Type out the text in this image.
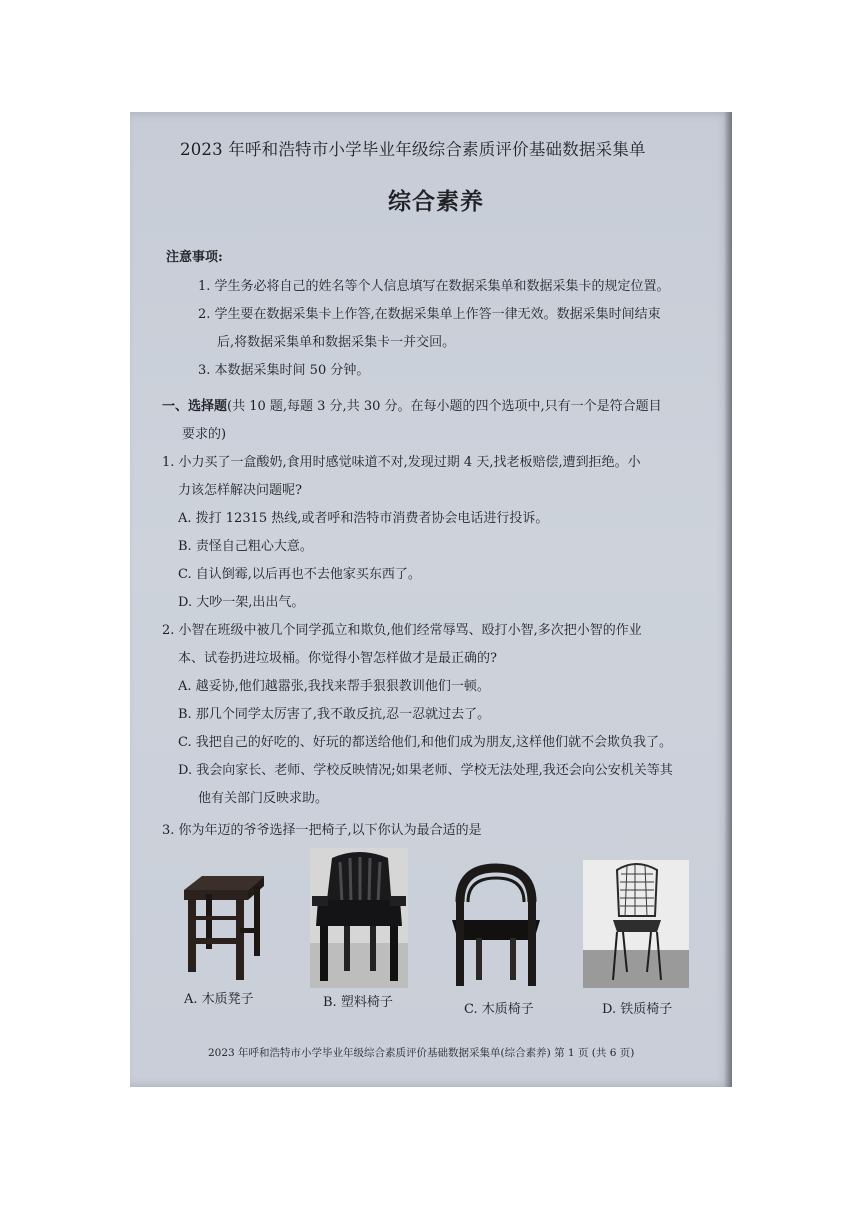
2023 年呼和浩特市小学毕业年级综合素质评价基础数据采集单
综合素养
注意事项:
1. 学生务必将自己的姓名等个人信息填写在数据采集单和数据采集卡的规定位置。
2. 学生要在数据采集卡上作答,在数据采集单上作答一律无效。数据采集时间结束
后,将数据采集单和数据采集卡一并交回。
3. 本数据采集时间 50 分钟。
一、选择题(共 10 题,每题 3 分,共 30 分。在每小题的四个选项中,只有一个是符合题目
要求的)
1. 小力买了一盒酸奶,食用时感觉味道不对,发现过期 4 天,找老板赔偿,遭到拒绝。小
力该怎样解决问题呢?
A. 拨打 12315 热线,或者呼和浩特市消费者协会电话进行投诉。
B. 责怪自己粗心大意。
C. 自认倒霉,以后再也不去他家买东西了。
D. 大吵一架,出出气。
2. 小智在班级中被几个同学孤立和欺负,他们经常辱骂、殴打小智,多次把小智的作业
本、试卷扔进垃圾桶。你觉得小智怎样做才是最正确的?
A. 越妥协,他们越嚣张,我找来帮手狠狠教训他们一顿。
B. 那几个同学太厉害了,我不敢反抗,忍一忍就过去了。
C. 我把自己的好吃的、好玩的都送给他们,和他们成为朋友,这样他们就不会欺负我了。
D. 我会向家长、老师、学校反映情况;如果老师、学校无法处理,我还会向公安机关等其
他有关部门反映求助。
3. 你为年迈的爷爷选择一把椅子,以下你认为最合适的是
A. 木质凳子	B. 塑料椅子	C. 木质椅子	D. 铁质椅子
2023 年呼和浩特市小学毕业年级综合素质评价基础数据采集单(综合素养) 第 1 页 (共 6 页)
